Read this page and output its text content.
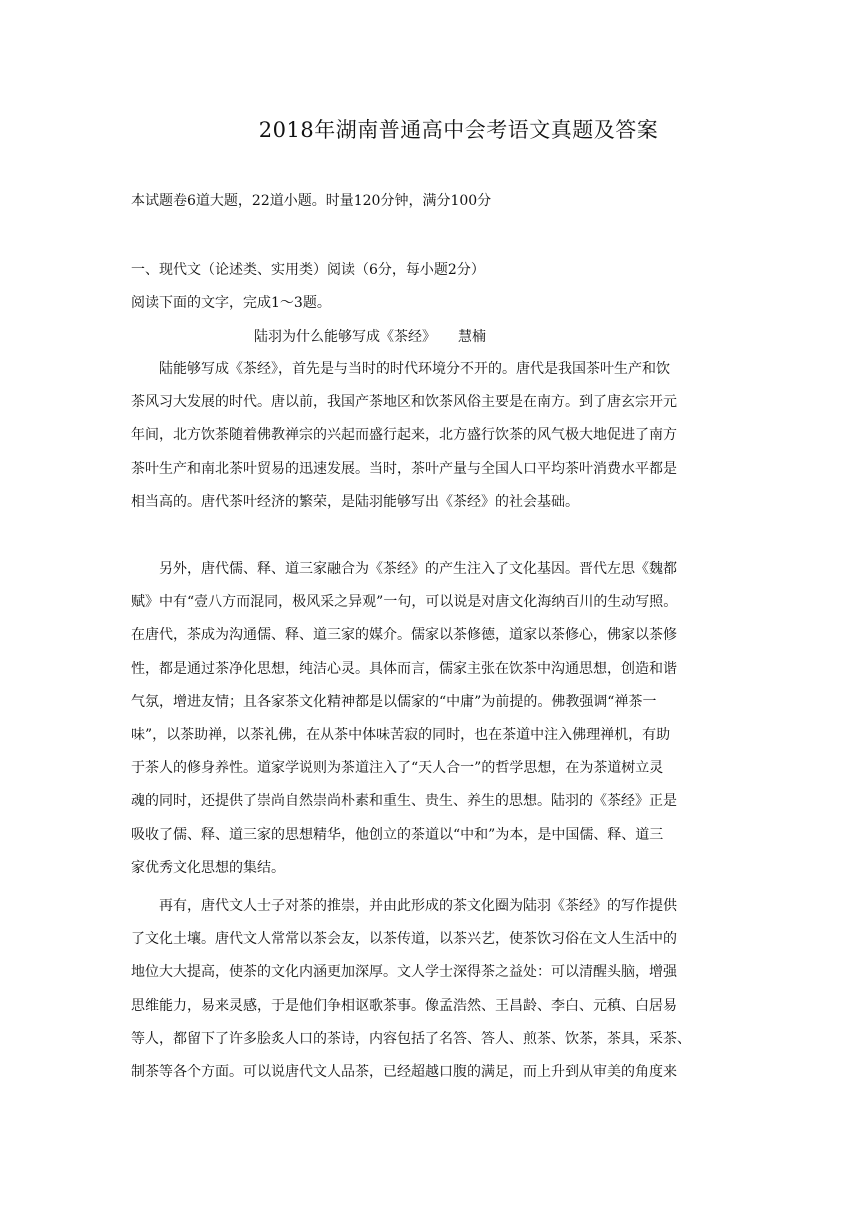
2018年湖南普通高中会考语文真题及答案
本试题卷6道大题，22道小题。时量120分钟，满分100分
一、现代文（论述类、实用类）阅读（6分，每小题2分）
阅读下面的文字，完成1～3题。
陆羽为什么能够写成《茶经》 慧楠
　　陆能够写成《茶经》，首先是与当时的时代环境分不开的。唐代是我国茶叶生产和饮
茶风习大发展的时代。唐以前，我国产茶地区和饮茶风俗主要是在南方。到了唐玄宗开元
年间，北方饮茶随着佛教禅宗的兴起而盛行起来，北方盛行饮茶的风气极大地促进了南方
茶叶生产和南北茶叶贸易的迅速发展。当时，茶叶产量与全国人口平均茶叶消费水平都是
相当高的。唐代茶叶经济的繁荣，是陆羽能够写出《茶经》的社会基础。
　　另外，唐代儒、释、道三家融合为《茶经》的产生注入了文化基因。晋代左思《魏都
赋》中有“壹八方而混同，极风采之异观”一句，可以说是对唐文化海纳百川的生动写照。
在唐代，茶成为沟通儒、释、道三家的媒介。儒家以茶修德，道家以茶修心，佛家以茶修
性，都是通过茶净化思想，纯洁心灵。具体而言，儒家主张在饮茶中沟通思想，创造和谐
气氛，增进友情；且各家茶文化精神都是以儒家的“中庸”为前提的。佛教强调“禅茶一
味”，以茶助禅，以茶礼佛，在从茶中体味苦寂的同时，也在茶道中注入佛理禅机，有助
于茶人的修身养性。道家学说则为茶道注入了“天人合一”的哲学思想，在为茶道树立灵
魂的同时，还提供了崇尚自然崇尚朴素和重生、贵生、养生的思想。陆羽的《茶经》正是
吸收了儒、释、道三家的思想精华，他创立的茶道以“中和”为本，是中国儒、释、道三
家优秀文化思想的集结。
　　再有，唐代文人士子对茶的推崇，并由此形成的茶文化圈为陆羽《茶经》的写作提供
了文化土壤。唐代文人常常以茶会友，以茶传道，以茶兴艺，使茶饮习俗在文人生活中的
地位大大提高，使茶的文化内涵更加深厚。文人学士深得茶之益处：可以清醒头脑，增强
思维能力，易来灵感，于是他们争相讴歌茶事。像孟浩然、王昌龄、李白、元稹、白居易
等人，都留下了许多脍炙人口的茶诗，内容包括了名答、答人、煎茶、饮茶，茶具，采茶、
制茶等各个方面。可以说唐代文人品茶，已经超越口腹的满足，而上升到从审美的角度来
